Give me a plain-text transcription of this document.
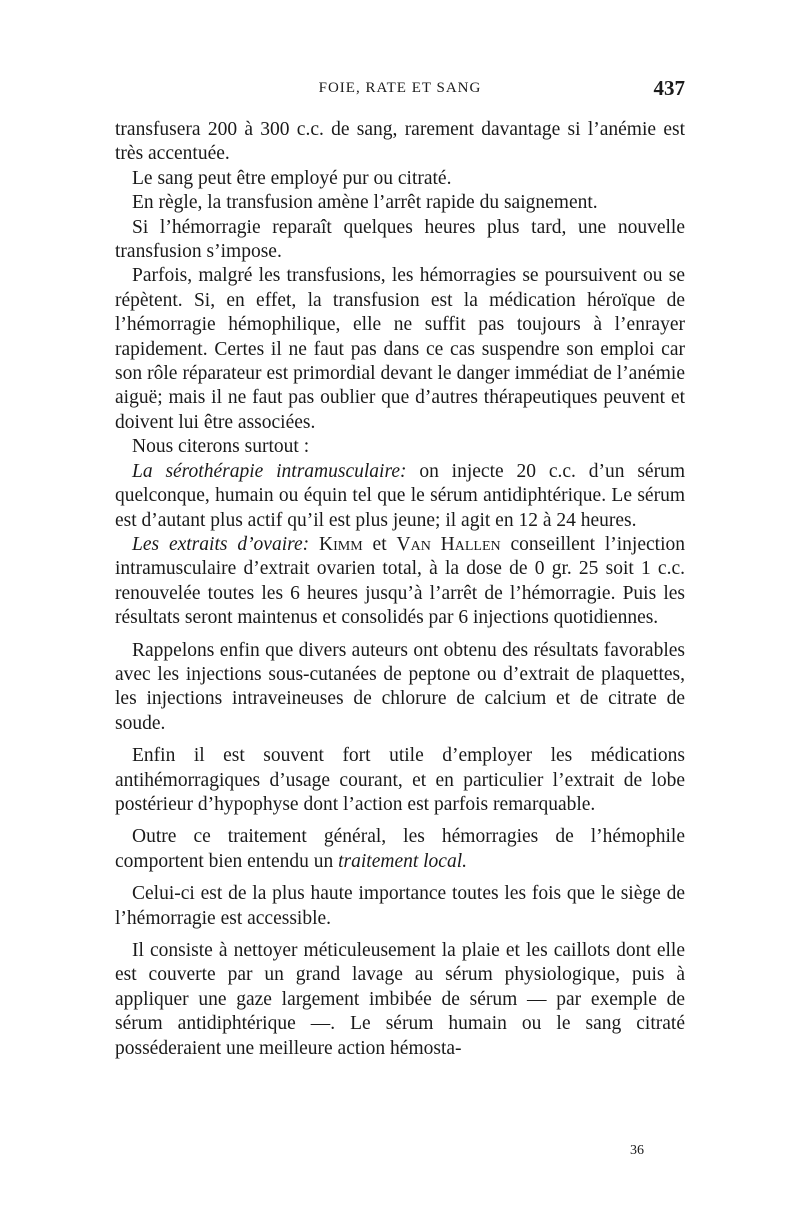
FOIE, RATE ET SANG	437

transfusera 200 à 300 c.c. de sang, rarement davantage si l’anémie est très accentuée.

Le sang peut être employé pur ou citraté.

En règle, la transfusion amène l’arrêt rapide du saignement.

Si l’hémorragie reparaît quelques heures plus tard, une nouvelle transfusion s’impose.

Parfois, malgré les transfusions, les hémorragies se poursuivent ou se répètent. Si, en effet, la transfusion est la médication héroïque de l’hémorragie hémophilique, elle ne suffit pas toujours à l’enrayer rapidement. Certes il ne faut pas dans ce cas suspendre son emploi car son rôle réparateur est primordial devant le danger immédiat de l’anémie aiguë; mais il ne faut pas oublier que d’autres thérapeutiques peuvent et doivent lui être associées.

Nous citerons surtout :

La sérothérapie intramusculaire: on injecte 20 c.c. d’un sérum quelconque, humain ou équin tel que le sérum antidiphtérique. Le sérum est d’autant plus actif qu’il est plus jeune; il agit en 12 à 24 heures.

Les extraits d’ovaire: Kimm et Van Hallen conseillent l’injection intramusculaire d’extrait ovarien total, à la dose de 0 gr. 25 soit 1 c.c. renouvelée toutes les 6 heures jusqu’à l’arrêt de l’hémorragie. Puis les résultats seront maintenus et consolidés par 6 injections quotidiennes.

Rappelons enfin que divers auteurs ont obtenu des résultats favorables avec les injections sous-cutanées de peptone ou d’extrait de plaquettes, les injections intraveineuses de chlorure de calcium et de citrate de soude.

Enfin il est souvent fort utile d’employer les médications antihémorragiques d’usage courant, et en particulier l’extrait de lobe postérieur d’hypophyse dont l’action est parfois remarquable.

Outre ce traitement général, les hémorragies de l’hémophile comportent bien entendu un traitement local.

Celui-ci est de la plus haute importance toutes les fois que le siège de l’hémorragie est accessible.

Il consiste à nettoyer méticuleusement la plaie et les caillots dont elle est couverte par un grand lavage au sérum physiologique, puis à appliquer une gaze largement imbibée de sérum — par exemple de sérum antidiphtérique —. Le sérum humain ou le sang citraté posséderaient une meilleure action hémosta-

36
